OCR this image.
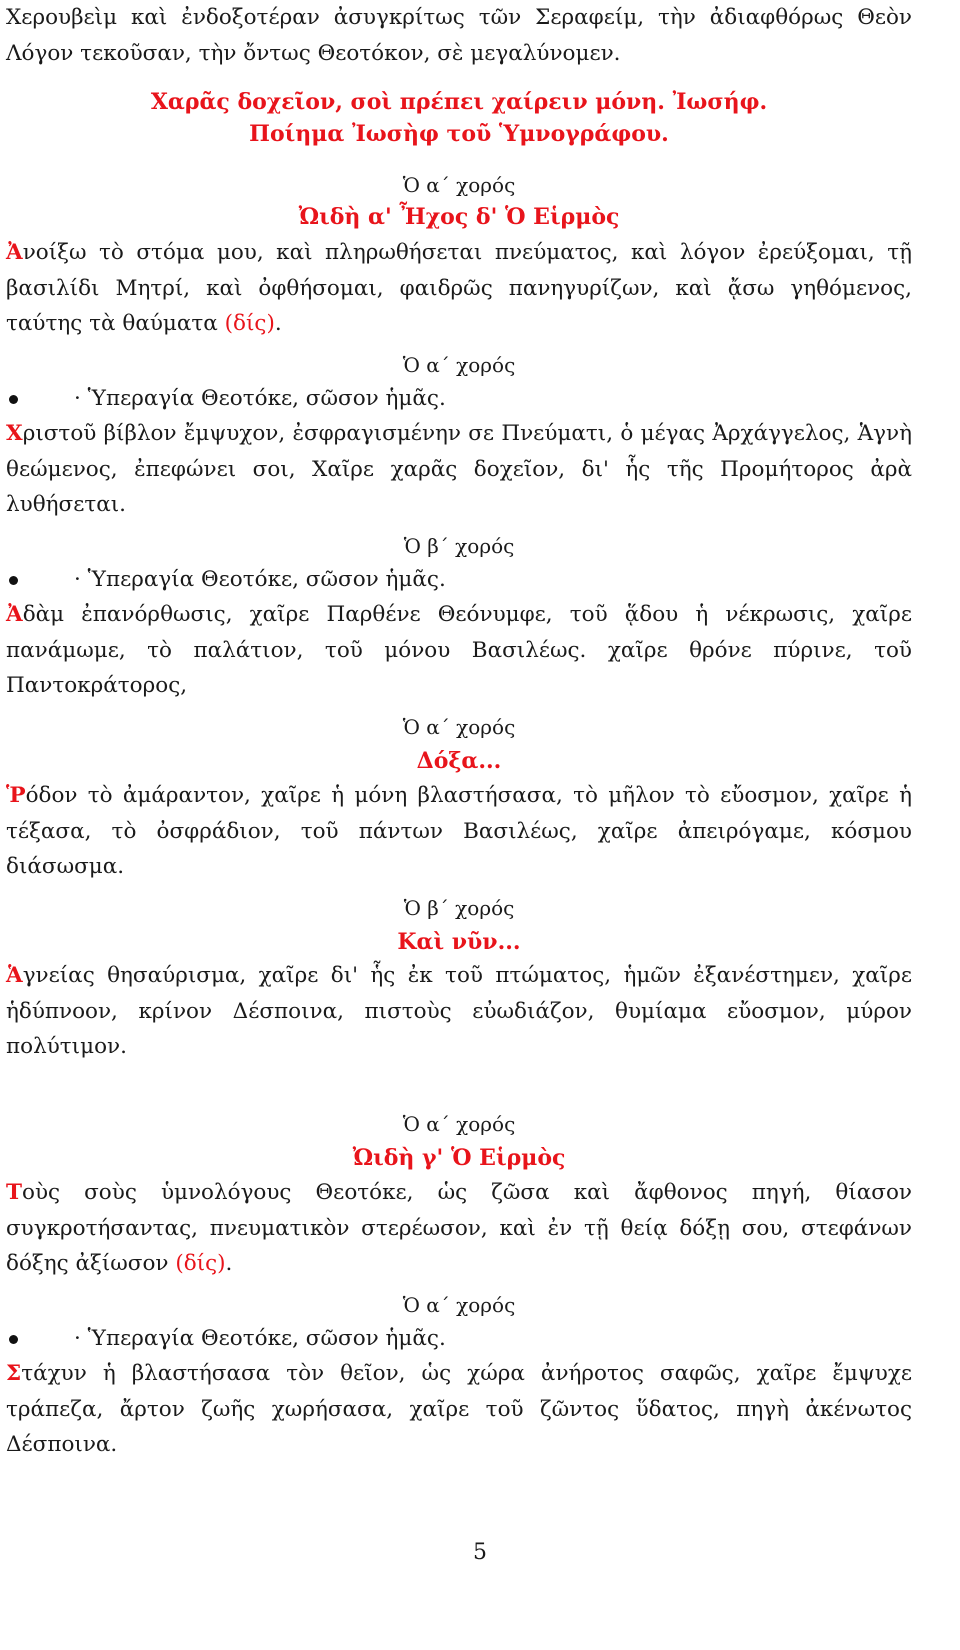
Χερουβεὶμ καὶ ἐνδοξοτέραν ἀσυγκρίτως τῶν Σεραφείμ, τὴν ἀδιαφθόρως Θεὸν Λόγον τεκοῦσαν, τὴν ὄντως Θεοτόκον, σὲ μεγαλύνομεν.

Χαρᾶς δοχεῖον, σοὶ πρέπει χαίρειν μόνη. Ἰωσήφ.

Ποίημα Ἰωσὴφ τοῦ Ὑμνογράφου.

Ὁ α΄ χορός

Ὠιδὴ α' Ἦχος δ' Ὁ Εἱρμὸς

Ἀνοίξω τὸ στόμα μου, καὶ πληρωθήσεται πνεύματος, καὶ λόγον ἐρεύξομαι, τῇ βασιλίδι Μητρί, καὶ ὀφθήσομαι, φαιδρῶς πανηγυρίζων, καὶ ᾄσω γηθόμενος, ταύτης τὰ θαύματα (δίς).

Ὁ α΄ χορός

· Ὑπεραγία Θεοτόκε, σῶσον ἡμᾶς.

Χριστοῦ βίβλον ἔμψυχον, ἐσφραγισμένην σε Πνεύματι, ὁ μέγας Ἀρχάγγελος, Ἁγνὴ θεώμενος, ἐπεφώνει σοι, Χαῖρε χαρᾶς δοχεῖον, δι' ἧς τῆς Προμήτορος ἀρὰ λυθήσεται.

Ὁ β΄ χορός

· Ὑπεραγία Θεοτόκε, σῶσον ἡμᾶς.

Ἀδὰμ ἐπανόρθωσις, χαῖρε Παρθένε Θεόνυμφε, τοῦ ᾅδου ἡ νέκρωσις, χαῖρε πανάμωμε, τὸ παλάτιον, τοῦ μόνου Βασιλέως. χαῖρε θρόνε πύρινε, τοῦ Παντοκράτορος,

Ὁ α΄ χορός

Δόξα...

Ῥόδον τὸ ἀμάραντον, χαῖρε ἡ μόνη βλαστήσασα, τὸ μῆλον τὸ εὔοσμον, χαῖρε ἡ τέξασα, τὸ ὀσφράδιον, τοῦ πάντων Βασιλέως, χαῖρε ἀπειρόγαμε, κόσμου διάσωσμα.

Ὁ β΄ χορός

Καὶ νῦν...

Ἁγνείας θησαύρισμα, χαῖρε δι' ἧς ἐκ τοῦ πτώματος, ἡμῶν ἐξανέστημεν, χαῖρε ἡδύπνοον, κρίνον Δέσποινα, πιστοὺς εὐωδιάζον, θυμίαμα εὔοσμον, μύρον πολύτιμον.

Ὁ α΄ χορός

Ὠιδὴ γ' Ὁ Εἱρμὸς

Τοὺς σοὺς ὑμνολόγους Θεοτόκε, ὡς ζῶσα καὶ ἄφθονος πηγή, θίασον συγκροτήσαντας, πνευματικὸν στερέωσον, καὶ ἐν τῇ θείᾳ δόξῃ σου, στεφάνων δόξης ἀξίωσον (δίς).

Ὁ α΄ χορός

· Ὑπεραγία Θεοτόκε, σῶσον ἡμᾶς.

Στάχυν ἡ βλαστήσασα τὸν θεῖον, ὡς χώρα ἀνήροτος σαφῶς, χαῖρε ἔμψυχε τράπεζα, ἄρτον ζωῆς χωρήσασα, χαῖρε τοῦ ζῶντος ὕδατος, πηγὴ ἀκένωτος Δέσποινα.

5
